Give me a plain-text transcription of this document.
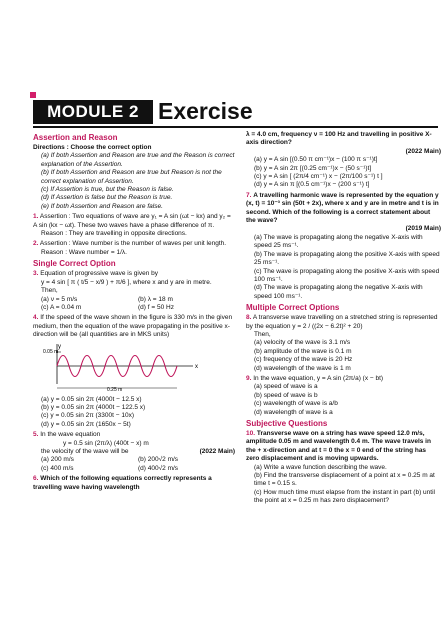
MODULE 2 Exercise
Assertion and Reason

Directions : Choose the correct option

(a) If both Assertion and Reason are true and the Reason is correct explanation of the Assertion.

(b) If both Assertion and Reason are true but Reason is not the correct explanation of Assertion.

(c) If Assertion is true, but the Reason is false.

(d) If Assertion is false but the Reason is true.

(e) If both Assertion and Reason are false.

1. Assertion : Two equations of wave are y₁ = A sin (ωt − kx) and y₂ = A sin (kx − ωt). These two waves have a phase difference of π.

Reason : They are travelling in opposite directions.

2. Assertion : Wave number is the number of waves per unit length.

Reason : Wave number = 1/λ.

Single Correct Option

3. Equation of progressive wave is given by

y = 4 sin [ π ( t/5 − x/9 ) + π/6 ], where x and y are in metre.

Then,

(a) ν = 5 m/s	(b) λ = 18 m
(c) A = 0.04 m	(d) f = 50 Hz

4. If the speed of the wave shown in the figure is 330 m/s in the given medium, then the equation of the wave propagating in the positive x-direction will be (all quantities are in MKS units)

y
0.05 m
x
0.25 m

(a) y = 0.05 sin 2π (4000t − 12.5 x)

(b) y = 0.05 sin 2π (4000t − 122.5 x)

(c) y = 0.05 sin 2π (3300t − 10x)

(d) y = 0.05 sin 2π (1650x − 5t)

5. In the wave equation

y = 0.5 sin (2π/λ) (400t − x) m

the velocity of the wave will be	(2022 Main)
(a) 200 m/s	(b) 200√2 m/s
(c) 400 m/s	(d) 400√2 m/s

6. Which of the following equations correctly represents a travelling wave having wavelength

λ = 4.0 cm, frequency ν = 100 Hz and travelling in positive X-axis direction?

(2022 Main)

(a) y = A sin [(0.50 π cm⁻¹)x − (100 π s⁻¹)t]

(b) y = A sin 2π [(0.25 cm⁻¹)x − (50 s⁻¹)t]

(c) y = A sin [ (2π/4 cm⁻¹) x − (2π/100 s⁻¹) t ]

(d) y = A sin π [(0.5 cm⁻¹)x − (200 s⁻¹) t]

7. A travelling harmonic wave is represented by the equation y (x, t) = 10⁻³ sin (50t + 2x), where x and y are in metre and t is in second. Which of the following is a correct statement about the wave?

(2019 Main)

(a) The wave is propagating along the negative X-axis with speed 25 ms⁻¹.

(b) The wave is propagating along the positive X-axis with speed 25 ms⁻¹.

(c) The wave is propagating along the positive X-axis with speed 100 ms⁻¹.

(d) The wave is propagating along the negative X-axis with speed 100 ms⁻¹.

Multiple Correct Options

8. A transverse wave travelling on a stretched string is represented by the equation y = 2 / ((2x − 6.2t)² + 20)

Then,

(a) velocity of the wave is 3.1 m/s

(b) amplitude of the wave is 0.1 m

(c) frequency of the wave is 20 Hz

(d) wavelength of the wave is 1 m

9. In the wave equation, y = A sin (2π/a) (x − bt)

(a) speed of wave is a

(b) speed of wave is b

(c) wavelength of wave is a/b

(d) wavelength of wave is a

Subjective Questions

10. Transverse wave on a string has wave speed 12.0 m/s, amplitude 0.05 m and wavelength 0.4 m. The wave travels in the + x-direction and at t = 0 the x = 0 end of the string has zero displacement and is moving upwards.

(a) Write a wave function describing the wave.

(b) Find the transverse displacement of a point at x = 0.25 m at time t = 0.15 s.

(c) How much time must elapse from the instant in part (b) until the point at x = 0.25 m has zero displacement?
